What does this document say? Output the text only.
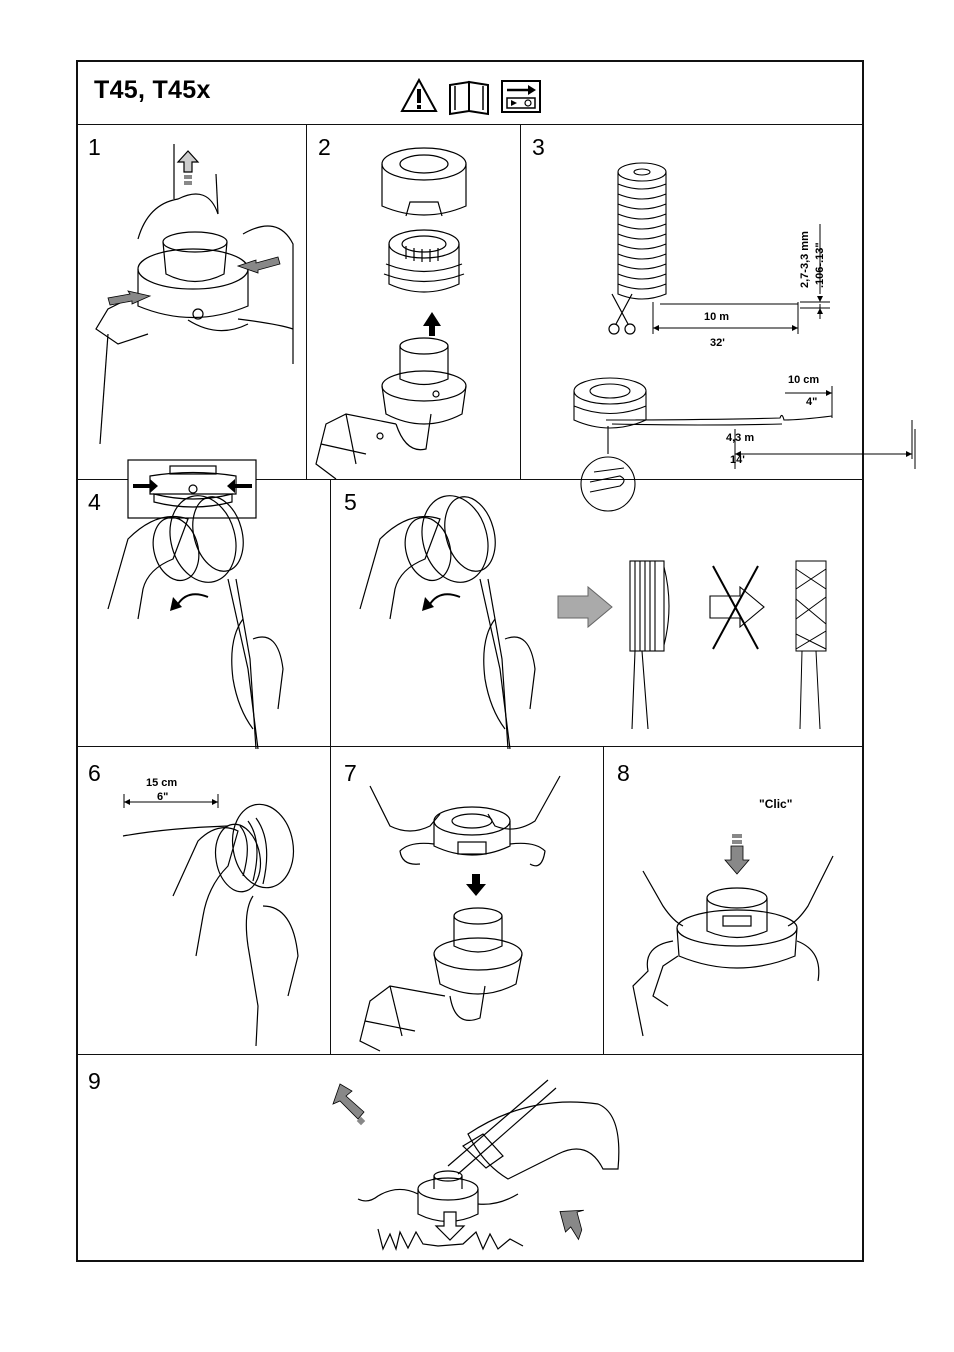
T45, T45x
1	2	3
2,7-3,3 mm .106-.13"
10 m
32'
10 cm
4"
4,3 m
14'
4	5
6	15 cm
6"
7	8
"Clic"
9
